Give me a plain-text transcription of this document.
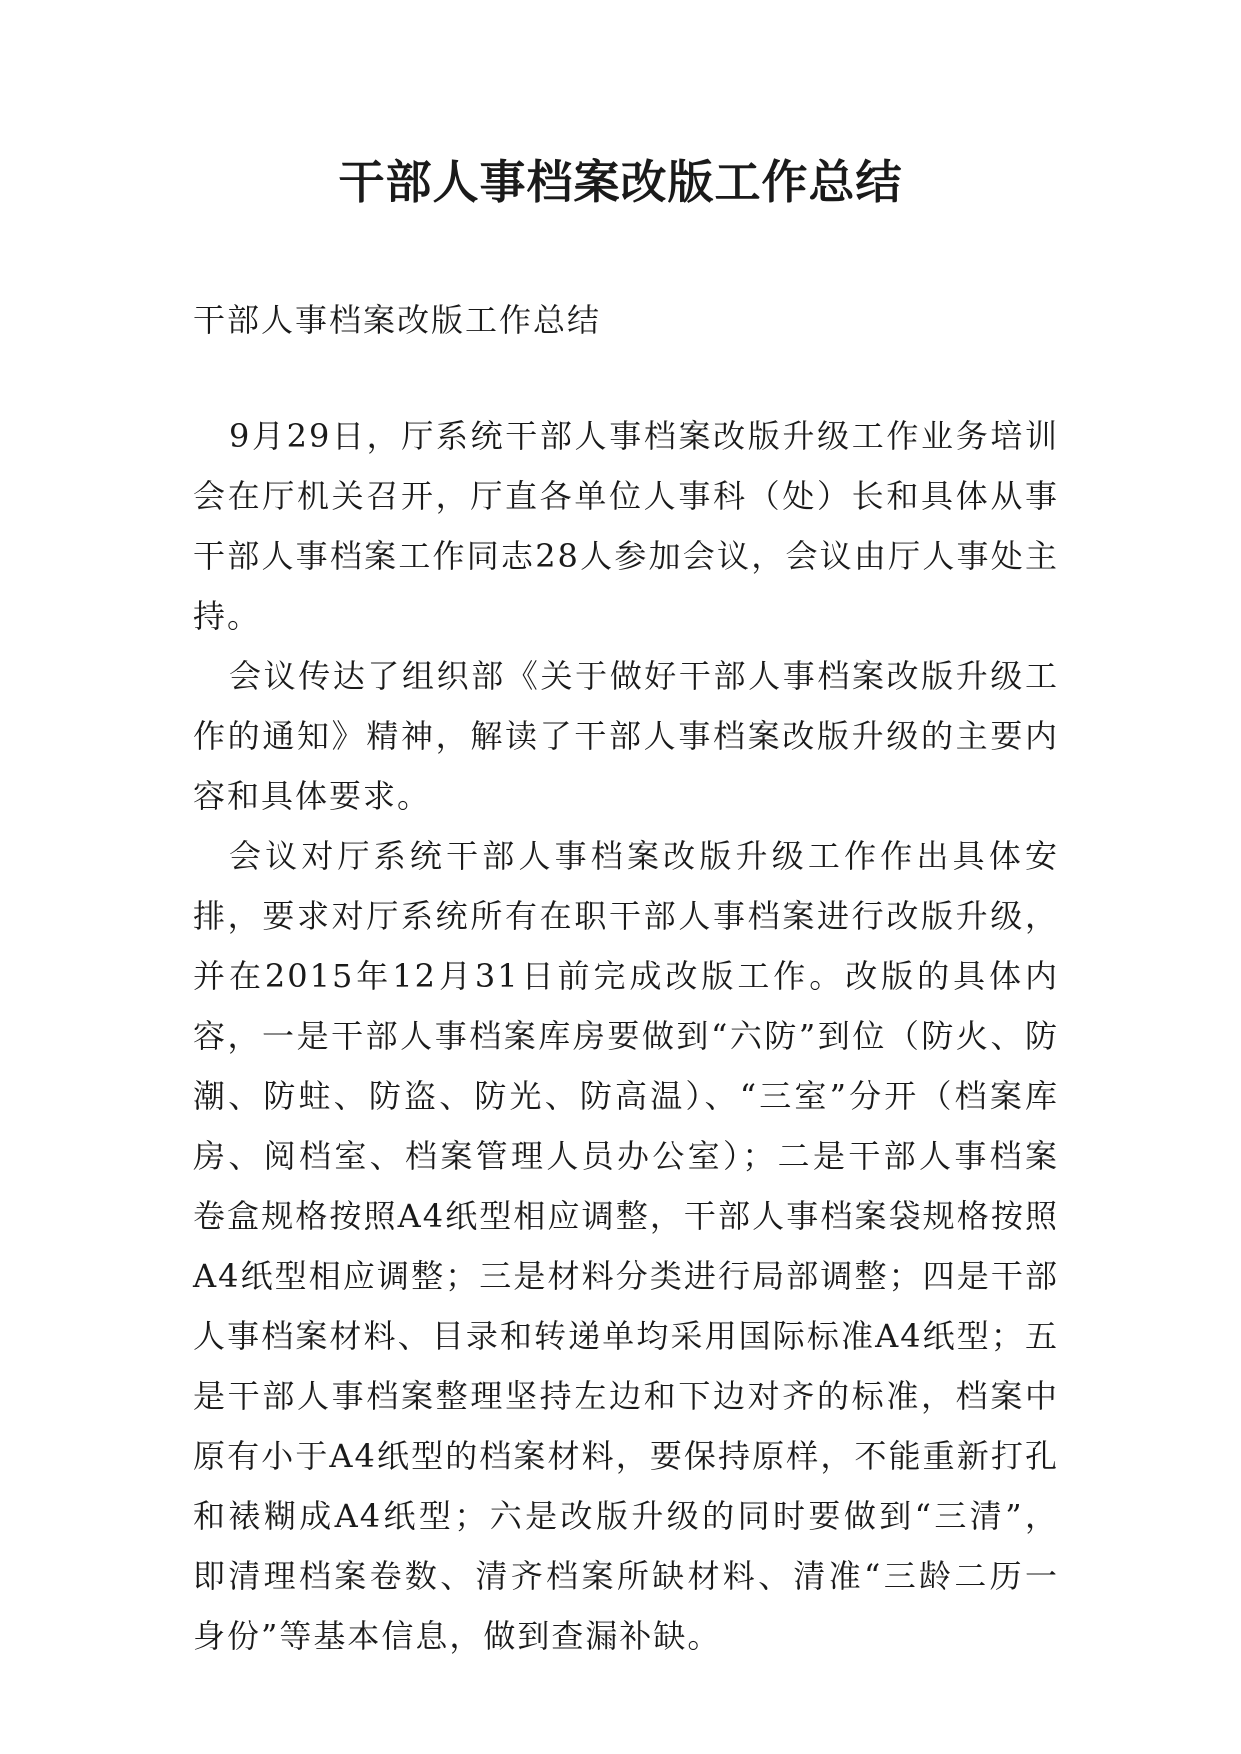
干部人事档案改版工作总结

干部人事档案改版工作总结

9月29日，厅系统干部人事档案改版升级工作业务培训会在厅机关召开，厅直各单位人事科（处）长和具体从事干部人事档案工作同志28人参加会议，会议由厅人事处主持。

会议传达了组织部《关于做好干部人事档案改版升级工作的通知》精神，解读了干部人事档案改版升级的主要内容和具体要求。

会议对厅系统干部人事档案改版升级工作作出具体安排，要求对厅系统所有在职干部人事档案进行改版升级，并在2015年12月31日前完成改版工作。改版的具体内容，一是干部人事档案库房要做到“六防”到位（防火、防潮、防蛀、防盗、防光、防高温）、“三室”分开（档案库房、阅档室、档案管理人员办公室）；二是干部人事档案卷盒规格按照A4纸型相应调整，干部人事档案袋规格按照A4纸型相应调整；三是材料分类进行局部调整；四是干部人事档案材料、目录和转递单均采用国际标准A4纸型；五是干部人事档案整理坚持左边和下边对齐的标准，档案中原有小于A4纸型的档案材料，要保持原样，不能重新打孔和裱糊成A4纸型；六是改版升级的同时要做到“三清”，即清理档案卷数、清齐档案所缺材料、清准“三龄二历一身份”等基本信息，做到查漏补缺。
